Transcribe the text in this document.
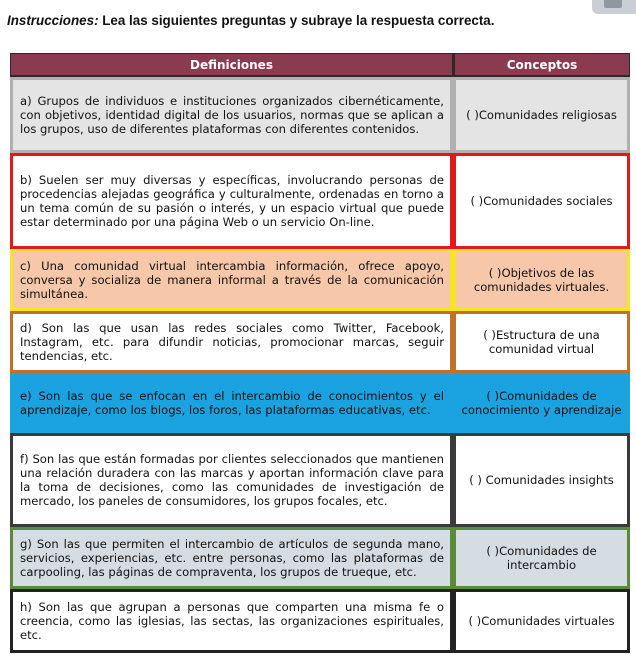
Instrucciones: Lea las siguientes preguntas y subraye la respuesta correcta.
Definiciones	Conceptos
a) Grupos de individuos e instituciones organizados cibernéticamente, con objetivos, identidad digital de los usuarios, normas que se aplican a los grupos, uso de diferentes plataformas con diferentes contenidos.
( )Comunidades religiosas
b) Suelen ser muy diversas y específicas, involucrando personas de procedencias alejadas geográfica y culturalmente, ordenadas en torno a un tema común de su pasión o interés, y un espacio virtual que puede estar determinado por una página Web o un servicio On-line.
( )Comunidades sociales
c) Una comunidad virtual intercambia información, ofrece apoyo, conversa y socializa de manera informal a través de la comunicación simultánea.
( )Objetivos de las comunidades virtuales.
d) Son las que usan las redes sociales como Twitter, Facebook, Instagram, etc. para difundir noticias, promocionar marcas, seguir tendencias, etc.
( )Estructura de una comunidad virtual
e) Son las que se enfocan en el intercambio de conocimientos y el aprendizaje, como los blogs, los foros, las plataformas educativas, etc.
( )Comunidades de conocimiento y aprendizaje
f) Son las que están formadas por clientes seleccionados que mantienen una relación duradera con las marcas y aportan información clave para la toma de decisiones, como las comunidades de investigación de mercado, los paneles de consumidores, los grupos focales, etc.
( ) Comunidades insights
g) Son las que permiten el intercambio de artículos de segunda mano, servicios, experiencias, etc. entre personas, como las plataformas de carpooling, las páginas de compraventa, los grupos de trueque, etc.
( )Comunidades de intercambio
h) Son las que agrupan a personas que comparten una misma fe o creencia, como las iglesias, las sectas, las organizaciones espirituales, etc.
( )Comunidades virtuales
